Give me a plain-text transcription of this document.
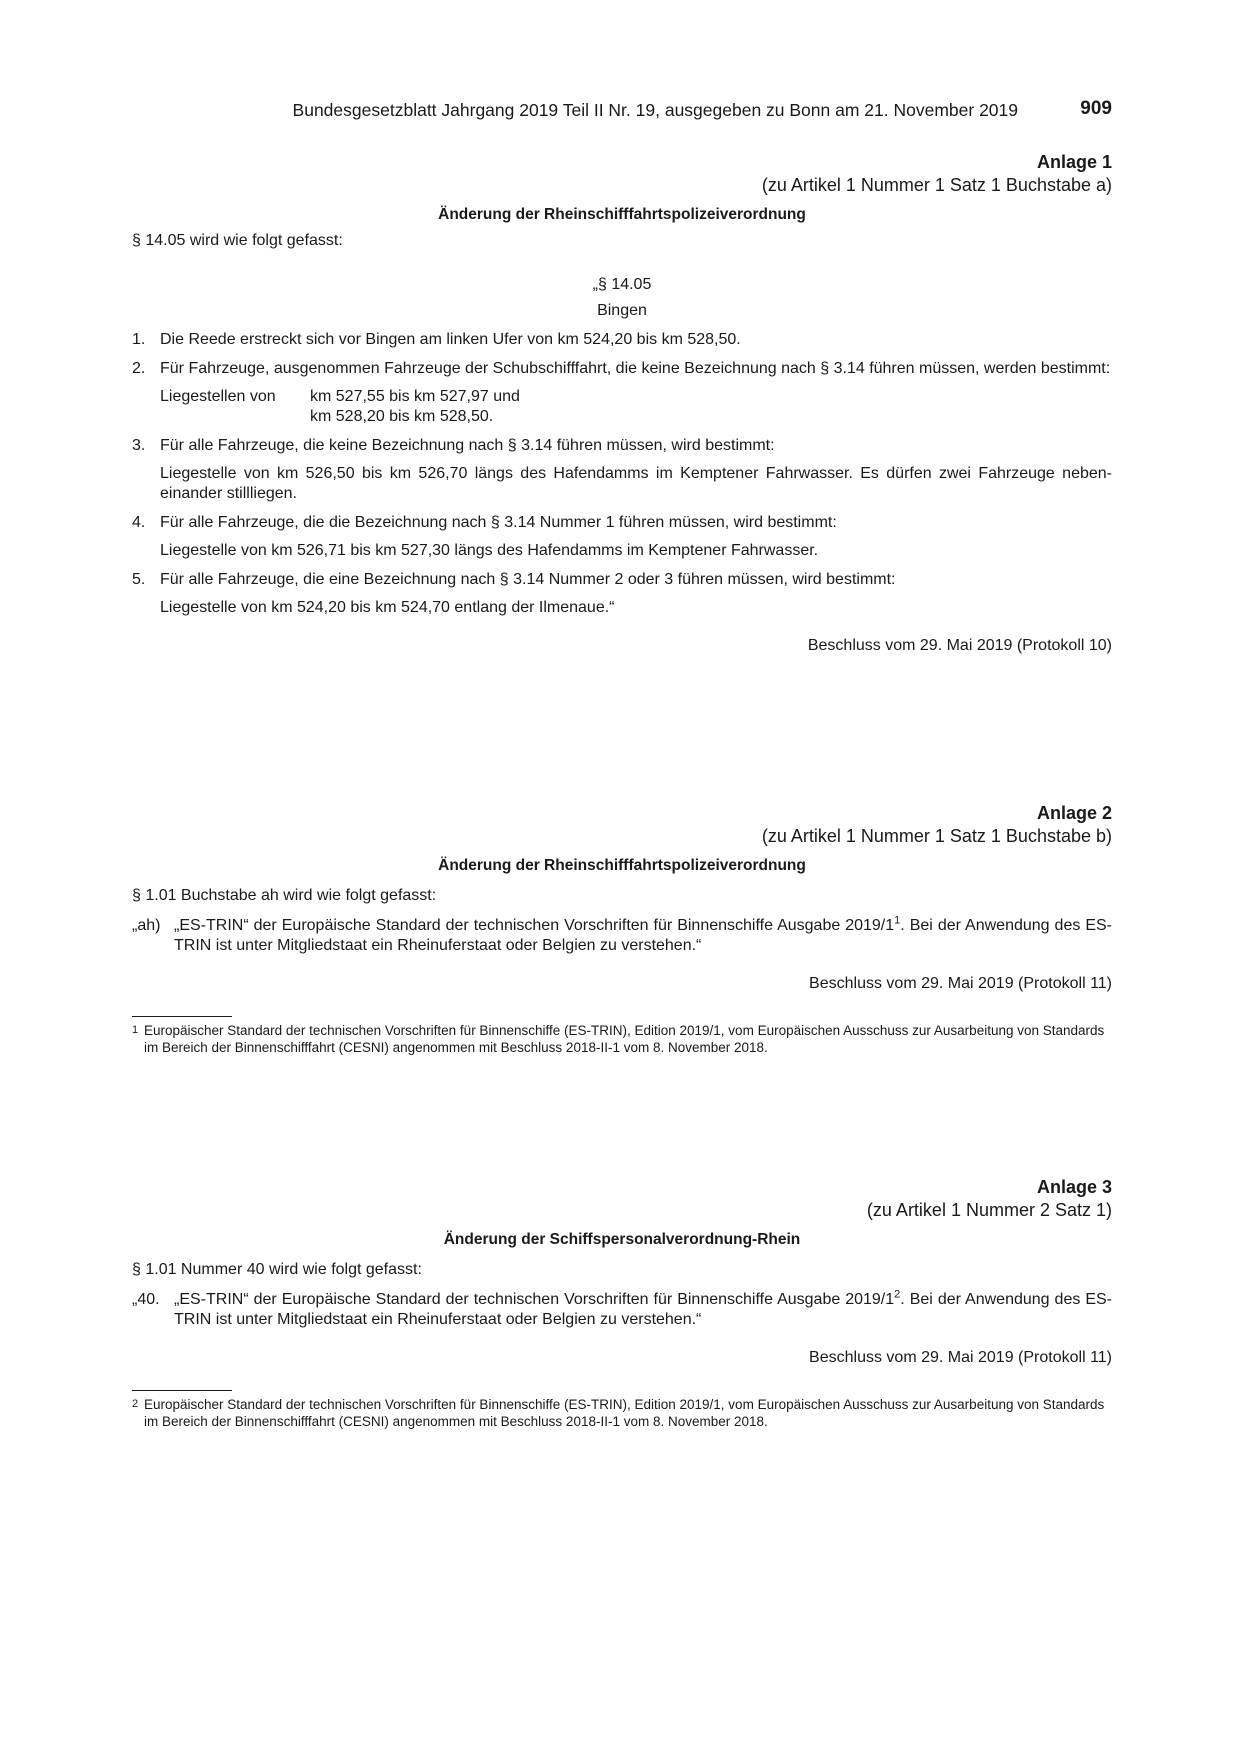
Bundesgesetzblatt Jahrgang 2019 Teil II Nr. 19, ausgegeben zu Bonn am 21. November 2019	909
Anlage 1
(zu Artikel 1 Nummer 1 Satz 1 Buchstabe a)
Änderung der Rheinschifffahrtspolizeiverordnung
§ 14.05 wird wie folgt gefasst:
„§ 14.05
Bingen
1. Die Reede erstreckt sich vor Bingen am linken Ufer von km 524,20 bis km 528,50.
2. Für Fahrzeuge, ausgenommen Fahrzeuge der Schubschifffahrt, die keine Bezeichnung nach § 3.14 führen müssen, werden bestimmt:
Liegestellen von	km 527,55 bis km 527,97 und
km 528,20 bis km 528,50.
3. Für alle Fahrzeuge, die keine Bezeichnung nach § 3.14 führen müssen, wird bestimmt:
Liegestelle von km 526,50 bis km 526,70 längs des Hafendamms im Kemptener Fahrwasser. Es dürfen zwei Fahrzeuge nebeneinander stillliegen.
4. Für alle Fahrzeuge, die die Bezeichnung nach § 3.14 Nummer 1 führen müssen, wird bestimmt:
Liegestelle von km 526,71 bis km 527,30 längs des Hafendamms im Kemptener Fahrwasser.
5. Für alle Fahrzeuge, die eine Bezeichnung nach § 3.14 Nummer 2 oder 3 führen müssen, wird bestimmt:
Liegestelle von km 524,20 bis km 524,70 entlang der Ilmenaue.“
Beschluss vom 29. Mai 2019 (Protokoll 10)
Anlage 2
(zu Artikel 1 Nummer 1 Satz 1 Buchstabe b)
Änderung der Rheinschifffahrtspolizeiverordnung
§ 1.01 Buchstabe ah wird wie folgt gefasst:
„ah) „ES-TRIN“ der Europäische Standard der technischen Vorschriften für Binnenschiffe Ausgabe $2019/1^1$. Bei der Anwendung des ES-TRIN ist unter Mitgliedstaat ein Rheinuferstaat oder Belgien zu verstehen.“
Beschluss vom 29. Mai 2019 (Protokoll 11)
1 Europäischer Standard der technischen Vorschriften für Binnenschiffe (ES-TRIN), Edition 2019/1, vom Europäischen Ausschuss zur Ausarbeitung von Standards im Bereich der Binnenschifffahrt (CESNI) angenommen mit Beschluss 2018-II-1 vom 8. November 2018.
Anlage 3
(zu Artikel 1 Nummer 2 Satz 1)
Änderung der Schiffspersonalverordnung-Rhein
§ 1.01 Nummer 40 wird wie folgt gefasst:
„40. „ES-TRIN“ der Europäische Standard der technischen Vorschriften für Binnenschiffe Ausgabe $2019/1^2$. Bei der Anwendung des ES-TRIN ist unter Mitgliedstaat ein Rheinuferstaat oder Belgien zu verstehen.“
Beschluss vom 29. Mai 2019 (Protokoll 11)
2 Europäischer Standard der technischen Vorschriften für Binnenschiffe (ES-TRIN), Edition 2019/1, vom Europäischen Ausschuss zur Ausarbeitung von Standards im Bereich der Binnenschifffahrt (CESNI) angenommen mit Beschluss 2018-II-1 vom 8. November 2018.
